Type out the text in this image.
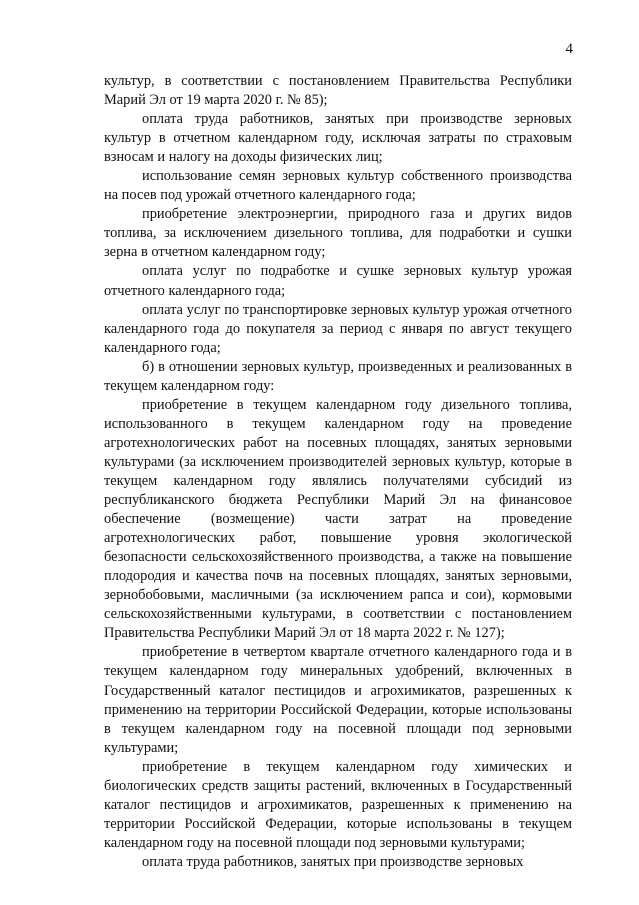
4

культур, в соответствии с постановлением Правительства Республики Марий Эл от 19 марта 2020 г. № 85);

оплата труда работников, занятых при производстве зерновых культур в отчетном календарном году, исключая затраты по страховым взносам и налогу на доходы физических лиц;

использование семян зерновых культур собственного производства на посев под урожай отчетного календарного года;

приобретение электроэнергии, природного газа и других видов топлива, за исключением дизельного топлива, для подработки и сушки зерна в отчетном календарном году;

оплата услуг по подработке и сушке зерновых культур урожая отчетного календарного года;

оплата услуг по транспортировке зерновых культур урожая отчетного календарного года до покупателя за период с января по август текущего календарного года;

б) в отношении зерновых культур, произведенных и реализованных в текущем календарном году:

приобретение в текущем календарном году дизельного топлива, использованного в текущем календарном году на проведение агротехнологических работ на посевных площадях, занятых зерновыми культурами (за исключением производителей зерновых культур, которые в текущем календарном году являлись получателями субсидий из республиканского бюджета Республики Марий Эл на финансовое обеспечение (возмещение) части затрат на проведение агротехнологических работ, повышение уровня экологической безопасности сельскохозяйственного производства, а также на повышение плодородия и качества почв на посевных площадях, занятых зерновыми, зернобобовыми, масличными (за исключением рапса и сои), кормовыми сельскохозяйственными культурами, в соответствии с постановлением Правительства Республики Марий Эл от 18 марта 2022 г. № 127);

приобретение в четвертом квартале отчетного календарного года и в текущем календарном году минеральных удобрений, включенных в Государственный каталог пестицидов и агрохимикатов, разрешенных к применению на территории Российской Федерации, которые использованы в текущем календарном году на посевной площади под зерновыми культурами;

приобретение в текущем календарном году химических и биологических средств защиты растений, включенных в Государственный каталог пестицидов и агрохимикатов, разрешенных к применению на территории Российской Федерации, которые использованы в текущем календарном году на посевной площади под зерновыми культурами;

оплата труда работников, занятых при производстве зерновых
